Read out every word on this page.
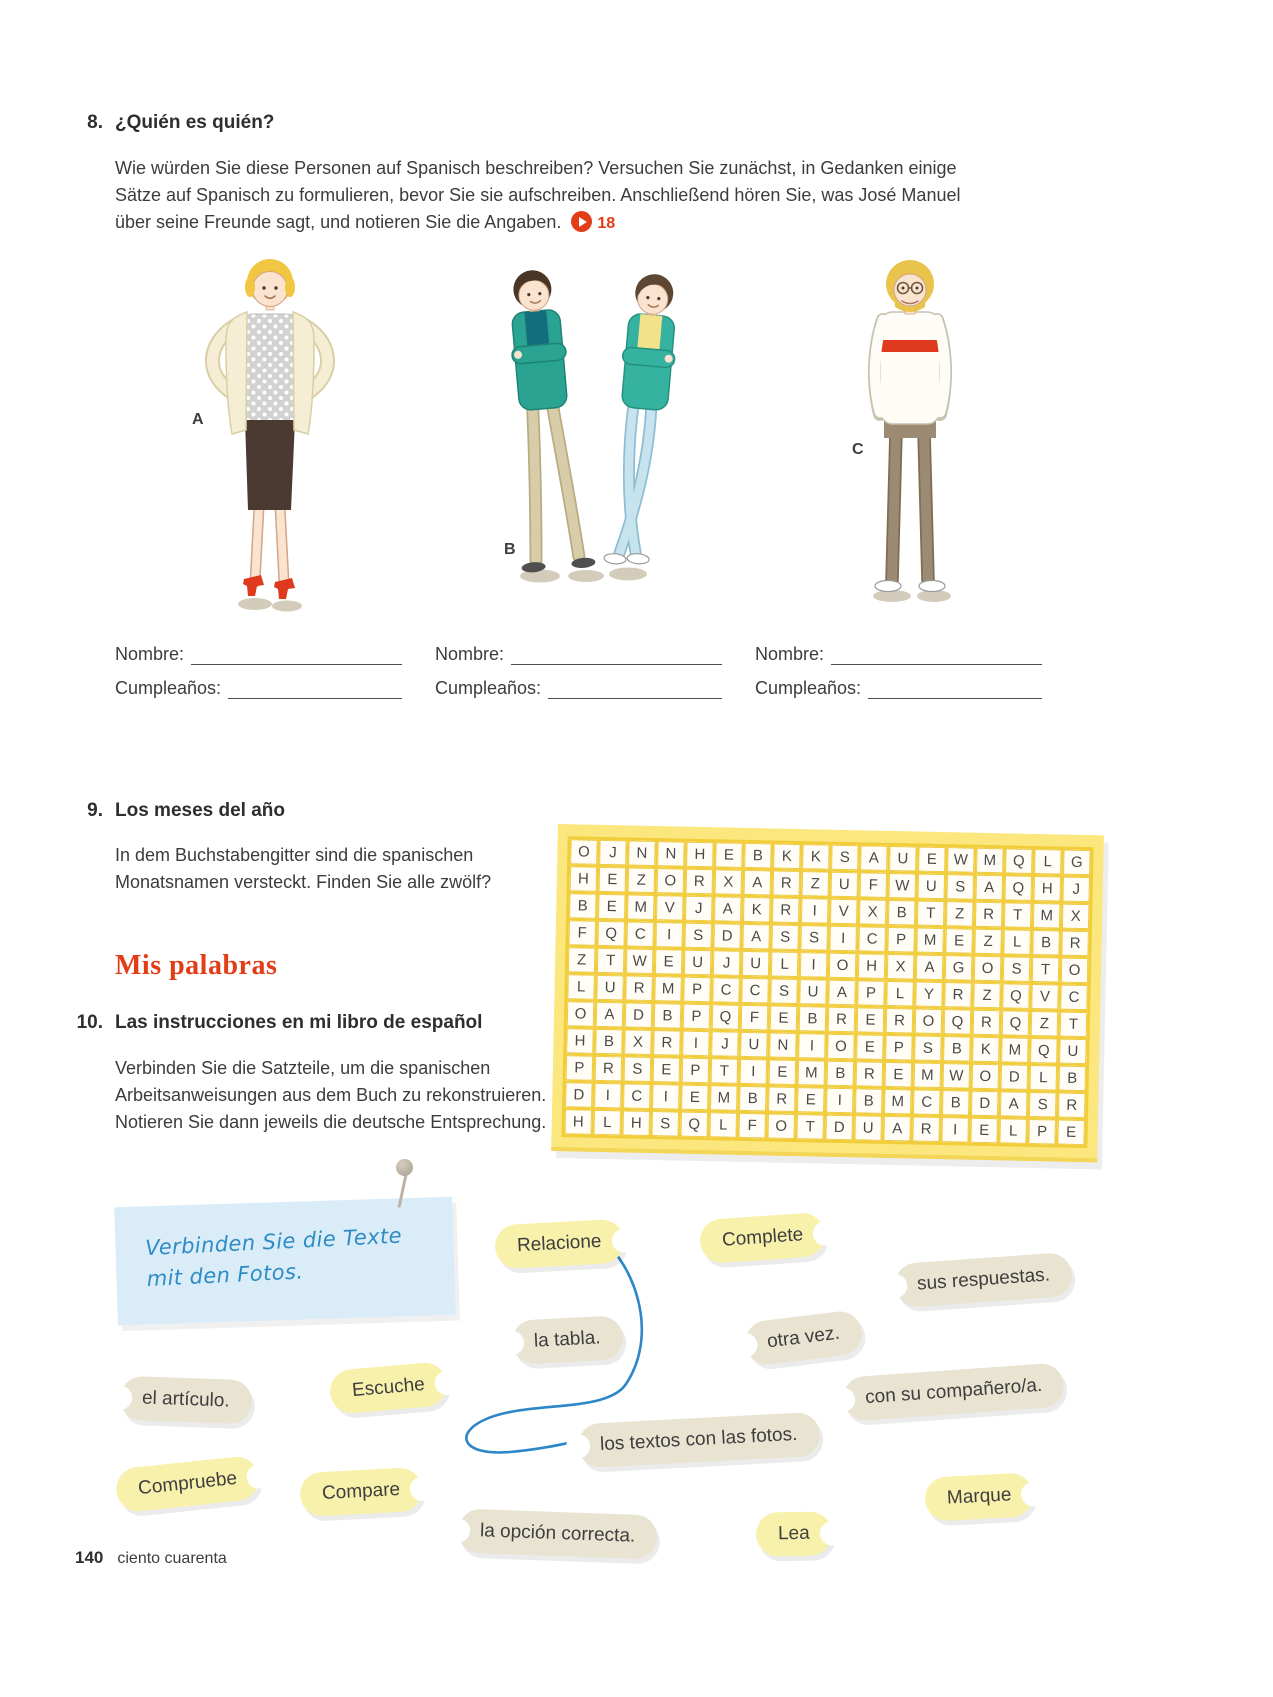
8. ¿Quién es quién?

Wie würden Sie diese Personen auf Spanisch beschreiben? Versuchen Sie zunächst, in Gedanken einige Sätze auf Spanisch zu formulieren, bevor Sie sie aufschreiben. Anschließend hören Sie, was José Manuel über seine Freunde sagt, und notieren Sie die Angaben. 18

A
B
C
Nombre:
Cumpleaños:
Nombre:
Cumpleaños:
Nombre:
Cumpleaños:
9. Los meses del año

In dem Buchstabengitter sind die spanischen Monatsnamen versteckt. Finden Sie alle zwölf?

O	J	N	N	H	E	B	K	K	S	A	U	E	W	M	Q	L	G
H	E	Z	O	R	X	A	R	Z	U	F	W	U	S	A	Q	H	J
B	E	M	V	J	A	K	R	I	V	X	B	T	Z	R	T	M	X
F	Q	C	I	S	D	A	S	S	I	C	P	M	E	Z	L	B	R
Z	T	W	E	U	J	U	L	I	O	H	X	A	G	O	S	T	O
L	U	R	M	P	C	C	S	U	A	P	L	Y	R	Z	Q	V	C
O	A	D	B	P	Q	F	E	B	R	E	R	O	Q	R	Q	Z	T
H	B	X	R	I	J	U	N	I	O	E	P	S	B	K	M	Q	U
P	R	S	E	P	T	I	E	M	B	R	E	M	W	O	D	L	B
D	I	C	I	E	M	B	R	E	I	B	M	C	B	D	A	S	R
H	L	H	S	Q	L	F	O	T	D	U	A	R	I	E	L	P	E
Mis palabras
10. Las instrucciones en mi libro de español

Verbinden Sie die Satzteile, um die spanischen Arbeitsanweisungen aus dem Buch zu rekonstruieren. Notieren Sie dann jeweils die deutsche Entsprechung.

Verbinden Sie die Texte
mit den Fotos.
Relacione	Complete
sus respuestas.
la tabla.	otra vez.
el artículo.	Escuche	con su compañero/a.
los textos con las fotos.
Compruebe	Compare	Marque
la opción correcta.	Lea
140 ciento cuarenta
